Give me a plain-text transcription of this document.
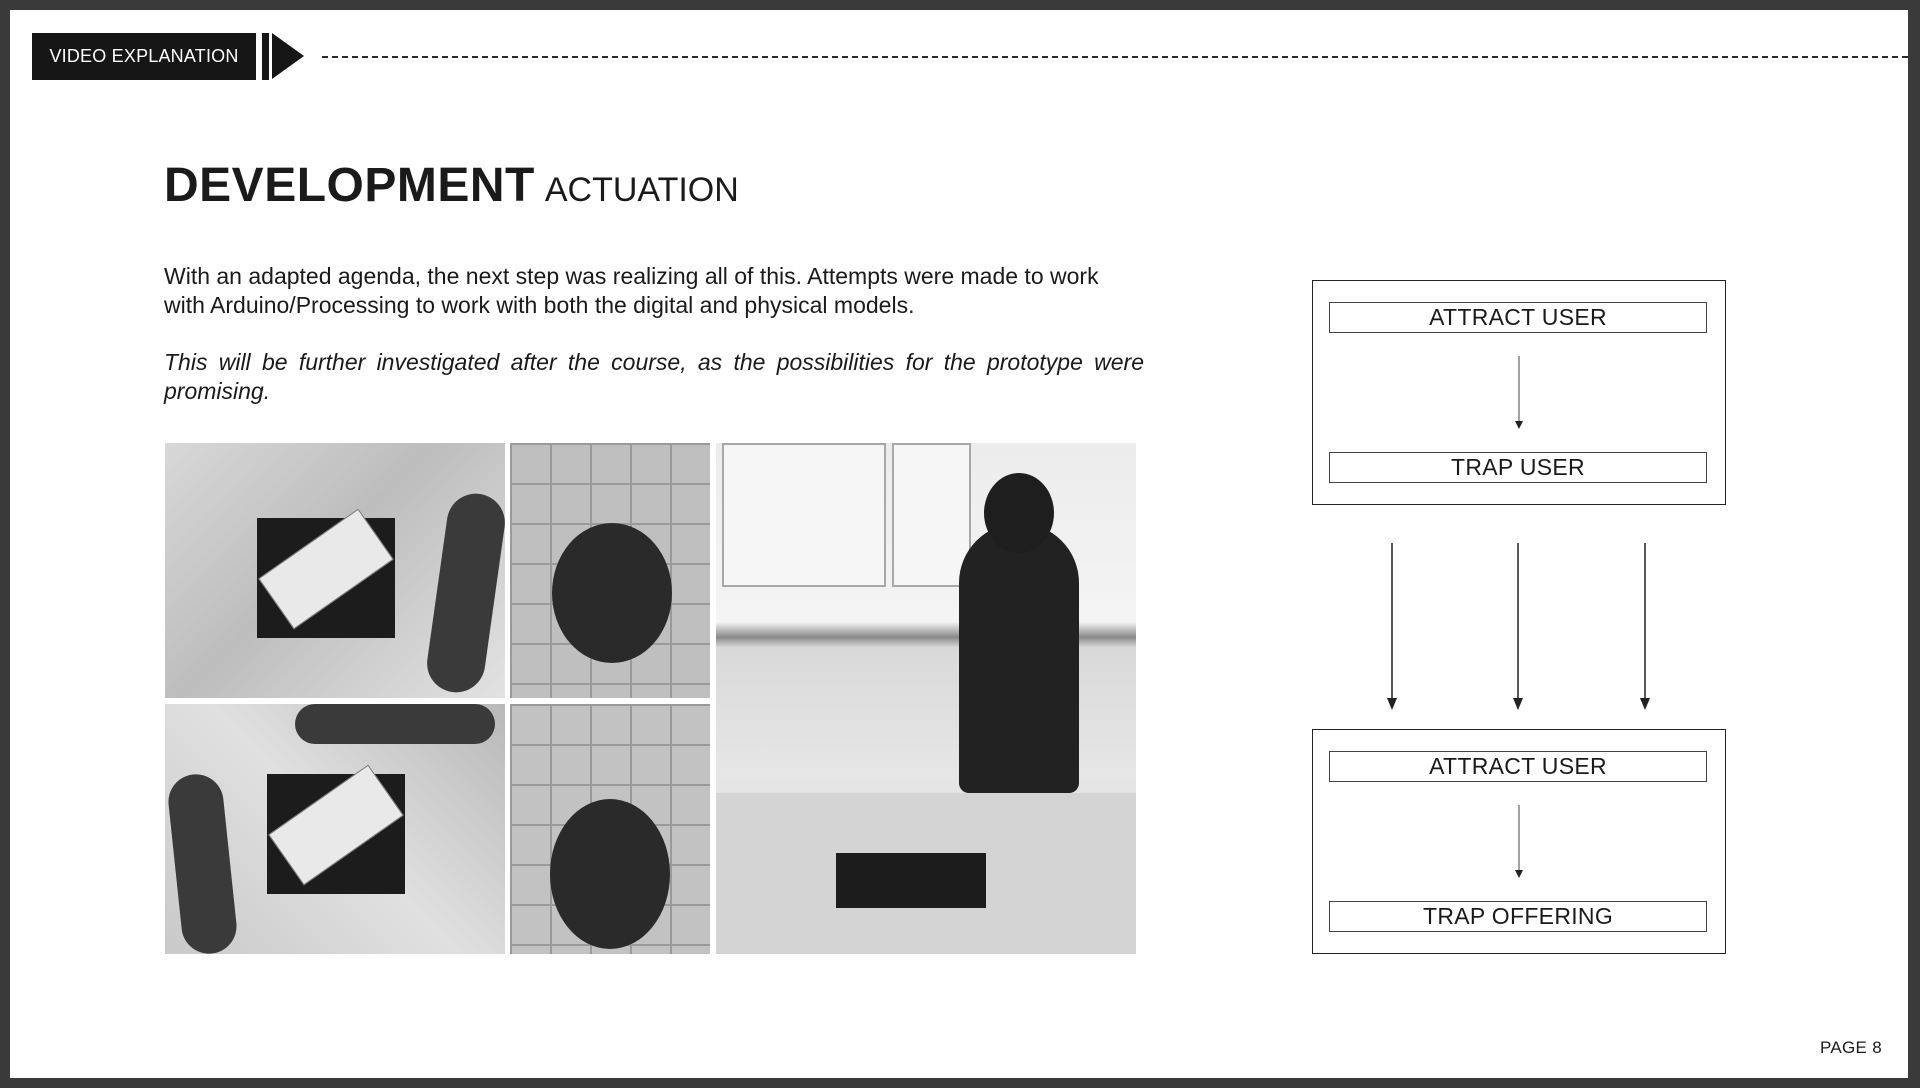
VIDEO EXPLANATION
DEVELOPMENT ACTUATION

With an adapted agenda, the next step was realizing all of this. Attempts were made to work with Arduino/Processing to work with both the digital and physical models.

This will be further investigated after the course, as the possibilities for the prototype were promising.

ATTRACT USER
TRAP USER
ATTRACT USER
TRAP OFFERING
PAGE 8
